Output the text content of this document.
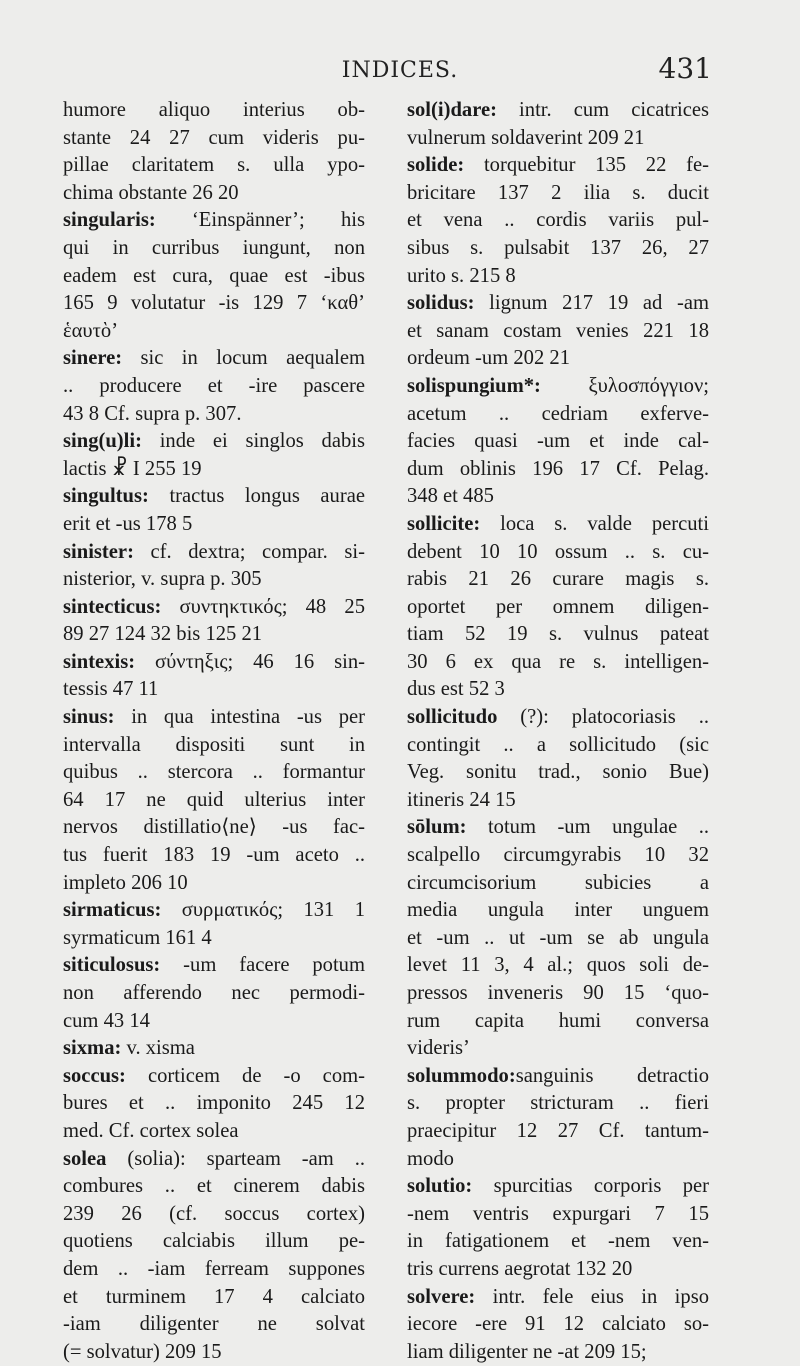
INDICES.	431
humore aliquo interius ob-
stante 24 27 cum videris pu-
pillae claritatem s. ulla ypo-
chima obstante 26 20
singularis: ‘Einspänner’; his
qui in curribus iungunt, non
eadem est cura, quae est -ibus
165 9 volutatur -is 129 7 ‘καθ’
ἑαυτὸ’
sinere: sic in locum aequalem
.. producere et -ire pascere
43 8 Cf. supra p. 307.
sing(u)li: inde ei singlos dabis
lactis ☧ I 255 19
singultus: tractus longus aurae
erit et -us 178 5
sinister: cf. dextra; compar. si-
nisterior, v. supra p. 305
sintecticus: συντηκτικός; 48 25
89 27 124 32 bis 125 21
sintexis: σύντηξις; 46 16 sin-
tessis 47 11
sinus: in qua intestina -us per
intervalla dispositi sunt in
quibus .. stercora .. formantur
64 17 ne quid ulterius inter
nervos distillatio⟨ne⟩ -us fac-
tus fuerit 183 19 -um aceto ..
impleto 206 10
sirmaticus: συρματικός; 131 1
syrmaticum 161 4
siticulosus: -um facere potum
non afferendo nec permodi-
cum 43 14
sixma: v. xisma
soccus: corticem de -o com-
bures et .. imponito 245 12
med. Cf. cortex solea
solea (solia): sparteam -am ..
combures .. et cinerem dabis
239 26 (cf. soccus cortex)
quotiens calciabis illum pe-
dem .. -iam ferream suppones
et turminem 17 4 calciato
-iam diligenter ne solvat
(= solvatur) 209 15
sol(i)dare: intr. cum cicatrices
vulnerum soldaverint 209 21
solide: torquebitur 135 22 fe-
bricitare 137 2 ilia s. ducit
et vena .. cordis variis pul-
sibus s. pulsabit 137 26, 27
urito s. 215 8
solidus: lignum 217 19 ad -am
et sanam costam venies 221 18
ordeum -um 202 21
solispungium*: ξυλοσπόγγιον;
acetum .. cedriam exferve-
facies quasi -um et inde cal-
dum oblinis 196 17 Cf. Pelag.
348 et 485
sollicite: loca s. valde percuti
debent 10 10 ossum .. s. cu-
rabis 21 26 curare magis s.
oportet per omnem diligen-
tiam 52 19 s. vulnus pateat
30 6 ex qua re s. intelligen-
dus est 52 3
sollicitudo (?): platocoriasis ..
contingit .. a sollicitudo (sic
Veg. sonitu trad., sonio Bue)
itineris 24 15
sōlum: totum -um ungulae ..
scalpello circumgyrabis 10 32
circumcisorium subicies a
media ungula inter unguem
et -um .. ut -um se ab ungula
levet 11 3, 4 al.; quos soli de-
pressos inveneris 90 15 ‘quo-
rum capita humi conversa
videris’
solummodo:sanguinis detractio
s. propter stricturam .. fieri
praecipitur 12 27 Cf. tantum-
modo
solutio: spurcitias corporis per
-nem ventris expurgari 7 15
in fatigationem et -nem ven-
tris currens aegrotat 132 20
solvere: intr. fele eius in ipso
iecore -ere 91 12 calciato so-
liam diligenter ne -at 209 15;
